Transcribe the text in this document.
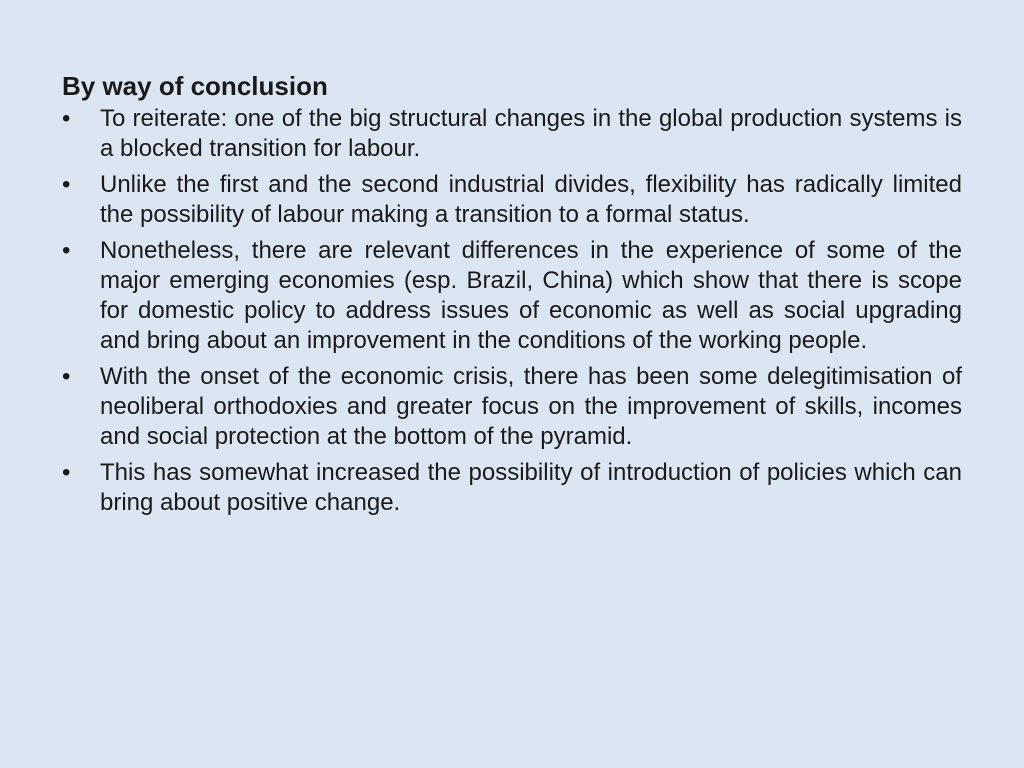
By way of conclusion
• To reiterate: one of the big structural changes in the global production systems is a blocked transition for labour.
• Unlike the first and the second industrial divides, flexibility has radically limited the possibility of labour making a transition to a formal status.
• Nonetheless, there are relevant differences in the experience of some of the major emerging economies (esp. Brazil, China) which show that there is scope for domestic policy to address issues of economic as well as social upgrading and bring about an improvement in the conditions of the working people.
• With the onset of the economic crisis, there has been some delegitimisation of neoliberal orthodoxies and greater focus on the improvement of skills, incomes and social protection at the bottom of the pyramid.
• This has somewhat increased the possibility of introduction of policies which can bring about positive change.
